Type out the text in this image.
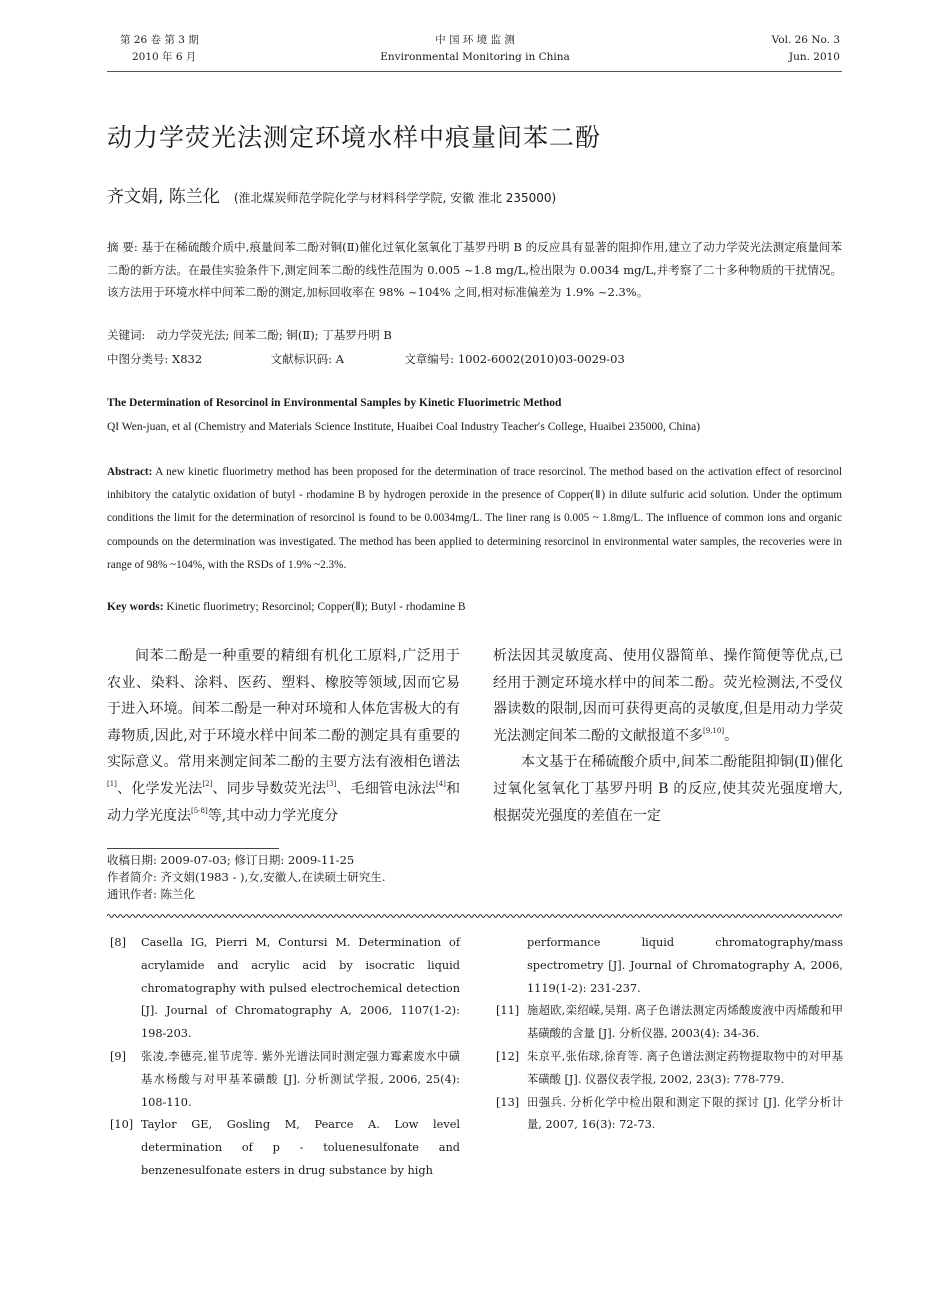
第 26 卷 第 3 期
2010 年 6 月
中 国 环 境 监 测
Environmental Monitoring in China
Vol. 26 No. 3
Jun. 2010
动力学荧光法测定环境水样中痕量间苯二酚
齐文娟, 陈兰化 (淮北煤炭师范学院化学与材料科学学院, 安徽 淮北 235000)
摘 要: 基于在稀硫酸介质中,痕量间苯二酚对铜(Ⅱ)催化过氧化氢氧化丁基罗丹明 B 的反应具有显著的阻抑作用,建立了动力学荧光法测定痕量间苯二酚的新方法。在最佳实验条件下,测定间苯二酚的线性范围为 0.005 ~1.8 mg/L,检出限为 0.0034 mg/L,并考察了二十多种物质的干扰情况。该方法用于环境水样中间苯二酚的测定,加标回收率在 98% ~104% 之间,相对标准偏差为 1.9% ~2.3%。
关键词: 动力学荧光法; 间苯二酚; 铜(Ⅱ); 丁基罗丹明 B
中图分类号: X832	文献标识码: A	文章编号: 1002-6002(2010)03-0029-03
The Determination of Resorcinol in Environmental Samples by Kinetic Fluorimetric Method
QI Wen-juan, et al (Chemistry and Materials Science Institute, Huaibei Coal Industry Teacher′s College, Huaibei 235000, China)
Abstract: A new kinetic fluorimetry method has been proposed for the determination of trace resorcinol. The method based on the activation effect of resorcinol inhibitory the catalytic oxidation of butyl - rhodamine B by hydrogen peroxide in the presence of Copper(Ⅱ) in dilute sulfuric acid solution. Under the optimum conditions the limit for the determination of resorcinol is found to be 0.0034mg/L. The liner rang is 0.005 ~ 1.8mg/L. The influence of common ions and organic compounds on the determination was investigated. The method has been applied to determining resorcinol in environmental water samples, the recoveries were in range of 98% ~104%, with the RSDs of 1.9% ~2.3%.
Key words: Kinetic fluorimetry; Resorcinol; Copper(Ⅱ); Butyl - rhodamine B
间苯二酚是一种重要的精细有机化工原料,广泛用于农业、染料、涂料、医药、塑料、橡胶等领域,因而它易于进入环境。间苯二酚是一种对环境和人体危害极大的有毒物质,因此,对于环境水样中间苯二酚的测定具有重要的实际意义。常用来测定间苯二酚的主要方法有液相色谱法[1]、化学发光法[2]、同步导数荧光法[3]、毛细管电泳法[4]和动力学光度法[5-8]等,其中动力学光度分
析法因其灵敏度高、使用仪器简单、操作简便等优点,已经用于测定环境水样中的间苯二酚。荧光检测法,不受仪器读数的限制,因而可获得更高的灵敏度,但是用动力学荧光法测定间苯二酚的文献报道不多[9,10]。
本文基于在稀硫酸介质中,间苯二酚能阻抑铜(Ⅱ)催化过氧化氢氧化丁基罗丹明 B 的反应,使其荧光强度增大,根据荧光强度的差值在一定
收稿日期: 2009-07-03; 修订日期: 2009-11-25
作者简介: 齐文娟(1983 - ),女,安徽人,在读硕士研究生.
通讯作者: 陈兰化
[8] Casella IG, Pierri M, Contursi M. Determination of acrylamide and acrylic acid by isocratic liquid chromatography with pulsed electrochemical detection [J]. Journal of Chromatography A, 2006, 1107(1-2): 198-203.
[9] 张凌,李德亮,崔节虎等. 紫外光谱法同时测定强力霉素废水中磺基水杨酸与对甲基苯磺酸 [J]. 分析测试学报, 2006, 25(4): 108-110.
[10] Taylor GE, Gosling M, Pearce A. Low level determination of p - toluenesulfonate and benzenesulfonate esters in drug substance by high
performance liquid chromatography/mass spectrometry [J]. Journal of Chromatography A, 2006, 1119(1-2): 231-237.
[11] 施超欧,栾绍嵘,吴翔. 离子色谱法测定丙烯酸废液中丙烯酸和甲基磺酸的含量 [J]. 分析仪器, 2003(4): 34-36.
[12] 朱京平,张佑球,徐育等. 离子色谱法测定药物提取物中的对甲基苯磺酸 [J]. 仪器仪表学报, 2002, 23(3): 778-779.
[13] 田强兵. 分析化学中检出限和测定下限的探讨 [J]. 化学分析计量, 2007, 16(3): 72-73.
